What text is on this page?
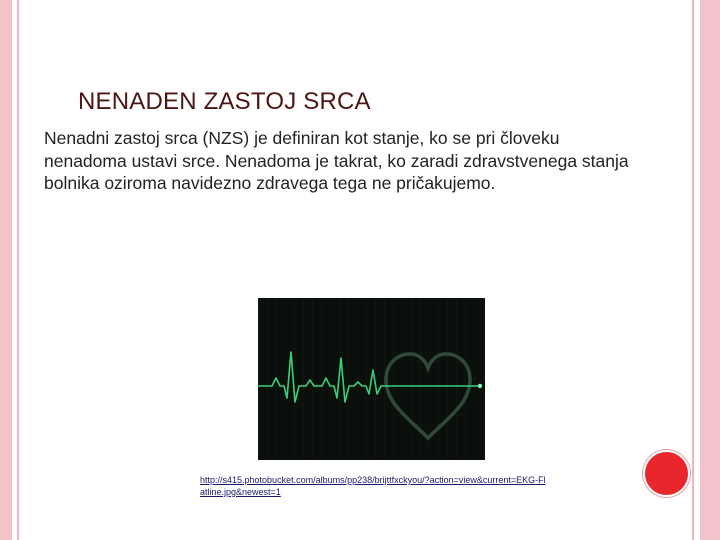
NENADEN ZASTOJ SRCA

Nenadni zastoj srca (NZS) je definiran kot stanje, ko se pri človeku nenadoma ustavi srce. Nenadoma je takrat, ko zaradi zdravstvenega stanja bolnika oziroma navidezno zdravega tega ne pričakujemo.

http://s415.photobucket.com/albums/pp238/brijttfxckyou/?action=view&current=EKG-Flatline.jpg&newest=1
